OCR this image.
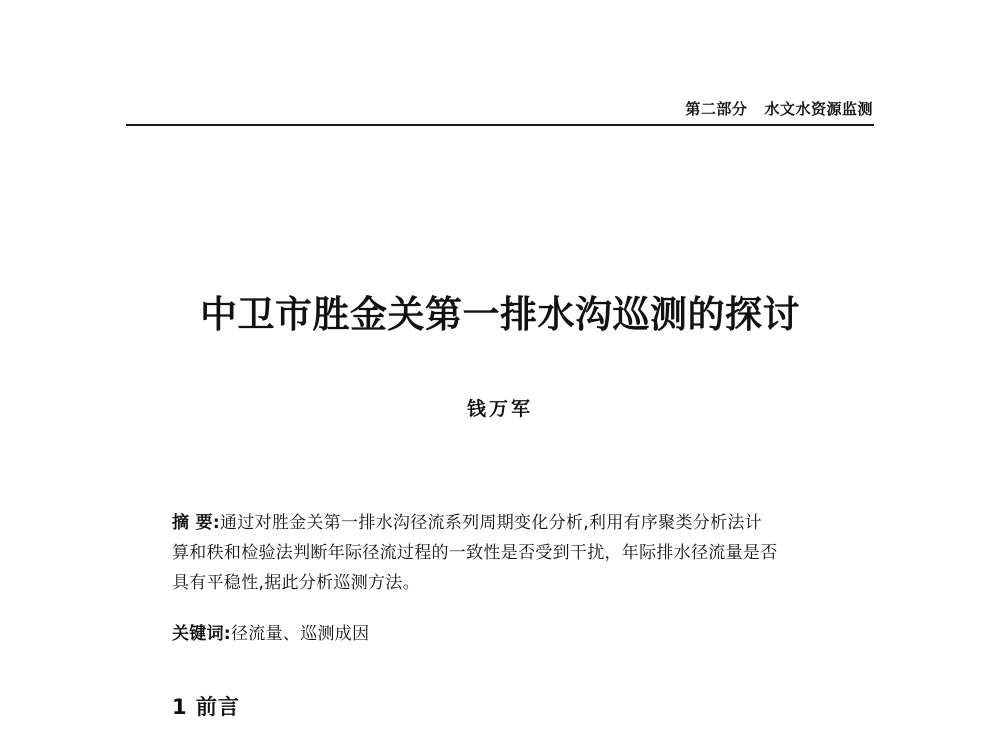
第二部分   水文水资源监测
中卫市胜金关第一排水沟巡测的探讨
钱万军
摘 要:通过对胜金关第一排水沟径流系列周期变化分析,利用有序聚类分析法计
算和秩和检验法判断年际径流过程的一致性是否受到干扰，年际排水径流量是否
具有平稳性,据此分析巡测方法。
关键词:径流量、巡测成因
1 前言
